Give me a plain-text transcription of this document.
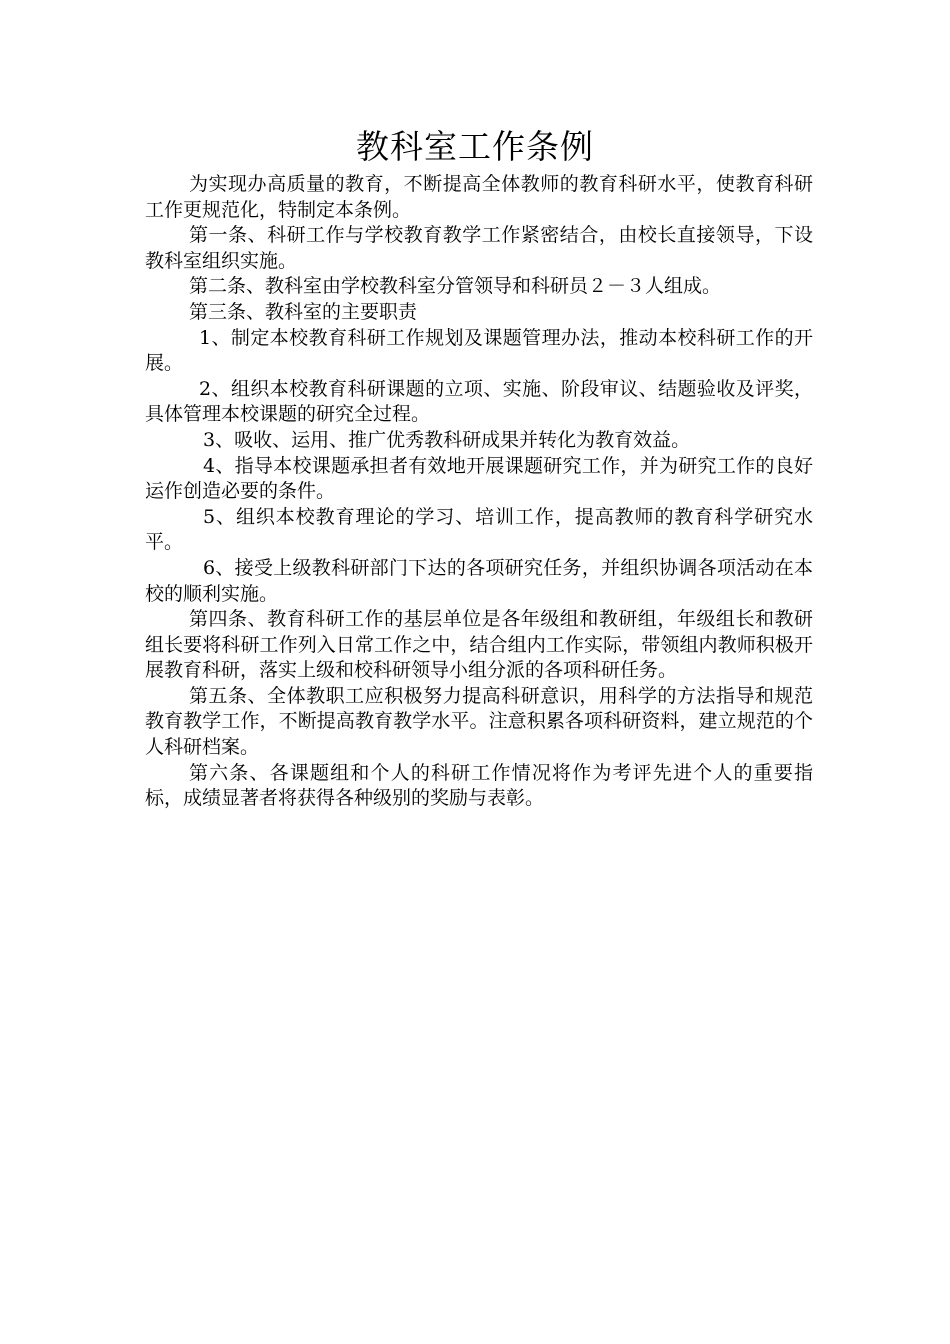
教科室工作条例

为实现办高质量的教育，不断提高全体教师的教育科研水平，使教育科研工作更规范化，特制定本条例。

第一条、科研工作与学校教育教学工作紧密结合，由校长直接领导，下设教科室组织实施。

第二条、教科室由学校教科室分管领导和科研员２－３人组成。

第三条、教科室的主要职责

1、制定本校教育科研工作规划及课题管理办法，推动本校科研工作的开展。

2、组织本校教育科研课题的立项、实施、阶段审议、结题验收及评奖，具体管理本校课题的研究全过程。

3、吸收、运用、推广优秀教科研成果并转化为教育效益。

4、指导本校课题承担者有效地开展课题研究工作，并为研究工作的良好运作创造必要的条件。

5、组织本校教育理论的学习、培训工作，提高教师的教育科学研究水平。

6、接受上级教科研部门下达的各项研究任务，并组织协调各项活动在本校的顺利实施。

第四条、教育科研工作的基层单位是各年级组和教研组，年级组长和教研组长要将科研工作列入日常工作之中，结合组内工作实际，带领组内教师积极开展教育科研，落实上级和校科研领导小组分派的各项科研任务。

第五条、全体教职工应积极努力提高科研意识，用科学的方法指导和规范教育教学工作，不断提高教育教学水平。注意积累各项科研资料，建立规范的个人科研档案。

第六条、各课题组和个人的科研工作情况将作为考评先进个人的重要指标，成绩显著者将获得各种级别的奖励与表彰。
